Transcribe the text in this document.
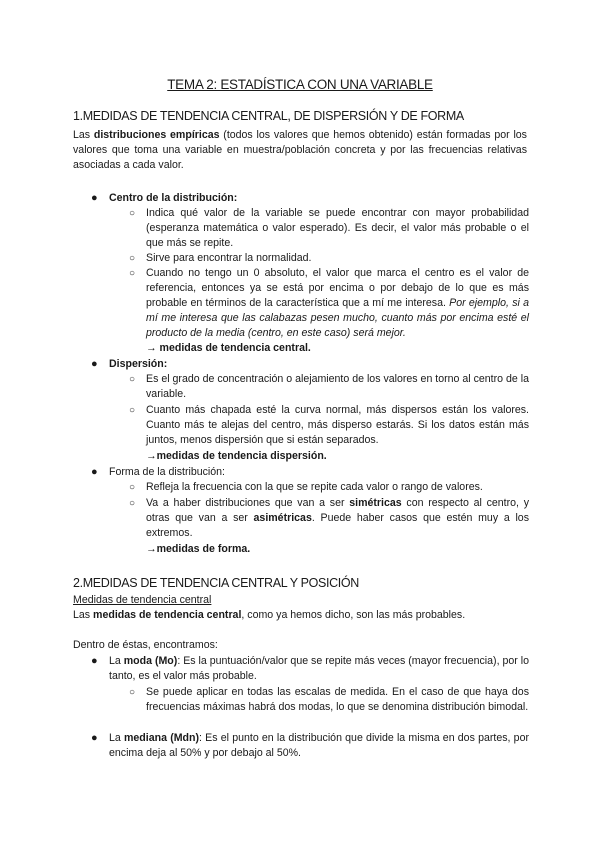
TEMA 2: ESTADÍSTICA CON UNA VARIABLE
1.MEDIDAS DE TENDENCIA CENTRAL, DE DISPERSIÓN Y DE FORMA
Las distribuciones empíricas (todos los valores que hemos obtenido) están formadas por los valores que toma una variable en muestra/población concreta y por las frecuencias relativas asociadas a cada valor.
● Centro de la distribución:
○ Indica qué valor de la variable se puede encontrar con mayor probabilidad (esperanza matemática o valor esperado). Es decir, el valor más probable o el que más se repite.
○ Sirve para encontrar la normalidad.
○ Cuando no tengo un 0 absoluto, el valor que marca el centro es el valor de referencia, entonces ya se está por encima o por debajo de lo que es más probable en términos de la característica que a mí me interesa. Por ejemplo, si a mí me interesa que las calabazas pesen mucho, cuanto más por encima esté el producto de la media (centro, en este caso) será mejor.
→ medidas de tendencia central.
● Dispersión:
○ Es el grado de concentración o alejamiento de los valores en torno al centro de la variable.
○ Cuanto más chapada esté la curva normal, más dispersos están los valores. Cuanto más te alejas del centro, más disperso estarás. Si los datos están más juntos, menos dispersión que si están separados.
→medidas de tendencia dispersión.
● Forma de la distribución:
○ Refleja la frecuencia con la que se repite cada valor o rango de valores.
○ Va a haber distribuciones que van a ser simétricas con respecto al centro, y otras que van a ser asimétricas. Puede haber casos que estén muy a los extremos.
→medidas de forma.
2.MEDIDAS DE TENDENCIA CENTRAL Y POSICIÓN
Medidas de tendencia central
Las medidas de tendencia central, como ya hemos dicho, son las más probables.
Dentro de éstas, encontramos:
● La moda (Mo): Es la puntuación/valor que se repite más veces (mayor frecuencia), por lo tanto, es el valor más probable.
○ Se puede aplicar en todas las escalas de medida. En el caso de que haya dos frecuencias máximas habrá dos modas, lo que se denomina distribución bimodal.
● La mediana (Mdn): Es el punto en la distribución que divide la misma en dos partes, por encima deja al 50% y por debajo al 50%.
